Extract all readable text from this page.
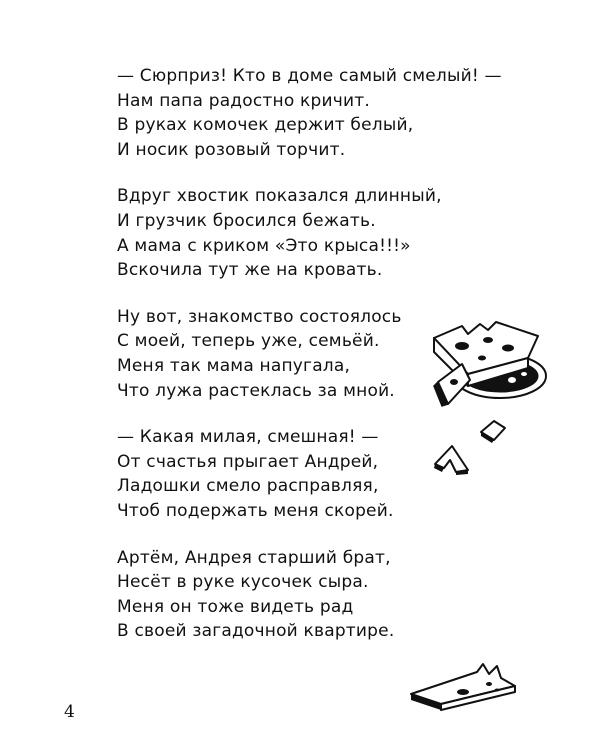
— Сюрприз! Кто в доме самый смелый! —
Нам папа радостно кричит.
В руках комочек держит белый,
И носик розовый торчит.
Вдруг хвостик показался длинный,
И грузчик бросился бежать.
А мама с криком «Это крыса!!!»
Вскочила тут же на кровать.
Ну вот, знакомство состоялось
С моей, теперь уже, семьёй.
Меня так мама напугала,
Что лужа растеклась за мной.
— Какая милая, смешная! —
От счастья прыгает Андрей,
Ладошки смело расправляя,
Чтоб подержать меня скорей.
Артём, Андрея старший брат,
Несёт в руке кусочек сыра.
Меня он тоже видеть рад
В своей загадочной квартире.
4
